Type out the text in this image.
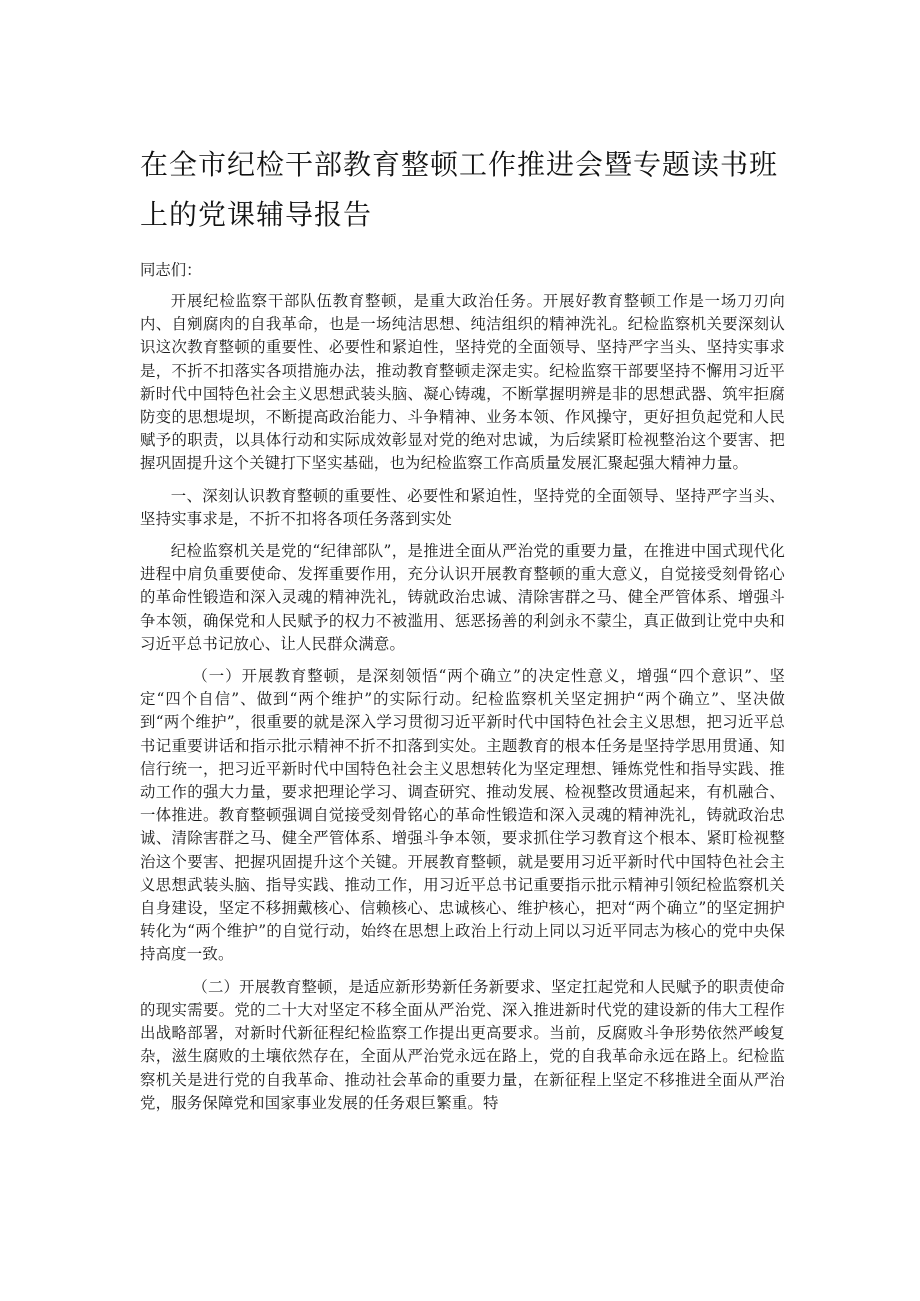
在全市纪检干部教育整顿工作推进会暨专题读书班
上的党课辅导报告

同志们：

开展纪检监察干部队伍教育整顿，是重大政治任务。开展好教育整顿工作是一场刀刃向内、自剜腐肉的自我革命，也是一场纯洁思想、纯洁组织的精神洗礼。纪检监察机关要深刻认识这次教育整顿的重要性、必要性和紧迫性，坚持党的全面领导、坚持严字当头、坚持实事求是，不折不扣落实各项措施办法，推动教育整顿走深走实。纪检监察干部要坚持不懈用习近平新时代中国特色社会主义思想武装头脑、凝心铸魂，不断掌握明辨是非的思想武器、筑牢拒腐防变的思想堤坝，不断提高政治能力、斗争精神、业务本领、作风操守，更好担负起党和人民赋予的职责，以具体行动和实际成效彰显对党的绝对忠诚，为后续紧盯检视整治这个要害、把握巩固提升这个关键打下坚实基础，也为纪检监察工作高质量发展汇聚起强大精神力量。

一、深刻认识教育整顿的重要性、必要性和紧迫性，坚持党的全面领导、坚持严字当头、坚持实事求是，不折不扣将各项任务落到实处

纪检监察机关是党的“纪律部队”，是推进全面从严治党的重要力量，在推进中国式现代化进程中肩负重要使命、发挥重要作用，充分认识开展教育整顿的重大意义，自觉接受刻骨铭心的革命性锻造和深入灵魂的精神洗礼，铸就政治忠诚、清除害群之马、健全严管体系、增强斗争本领，确保党和人民赋予的权力不被滥用、惩恶扬善的利剑永不蒙尘，真正做到让党中央和习近平总书记放心、让人民群众满意。

（一）开展教育整顿，是深刻领悟“两个确立”的决定性意义，增强“四个意识”、坚定“四个自信”、做到“两个维护”的实际行动。纪检监察机关坚定拥护“两个确立”、坚决做到“两个维护”，很重要的就是深入学习贯彻习近平新时代中国特色社会主义思想，把习近平总书记重要讲话和指示批示精神不折不扣落到实处。主题教育的根本任务是坚持学思用贯通、知信行统一，把习近平新时代中国特色社会主义思想转化为坚定理想、锤炼党性和指导实践、推动工作的强大力量，要求把理论学习、调查研究、推动发展、检视整改贯通起来，有机融合、一体推进。教育整顿强调自觉接受刻骨铭心的革命性锻造和深入灵魂的精神洗礼，铸就政治忠诚、清除害群之马、健全严管体系、增强斗争本领，要求抓住学习教育这个根本、紧盯检视整治这个要害、把握巩固提升这个关键。开展教育整顿，就是要用习近平新时代中国特色社会主义思想武装头脑、指导实践、推动工作，用习近平总书记重要指示批示精神引领纪检监察机关自身建设，坚定不移拥戴核心、信赖核心、忠诚核心、维护核心，把对“两个确立”的坚定拥护转化为“两个维护”的自觉行动，始终在思想上政治上行动上同以习近平同志为核心的党中央保持高度一致。

（二）开展教育整顿，是适应新形势新任务新要求、坚定扛起党和人民赋予的职责使命的现实需要。党的二十大对坚定不移全面从严治党、深入推进新时代党的建设新的伟大工程作出战略部署，对新时代新征程纪检监察工作提出更高要求。当前，反腐败斗争形势依然严峻复杂，滋生腐败的土壤依然存在，全面从严治党永远在路上，党的自我革命永远在路上。纪检监察机关是进行党的自我革命、推动社会革命的重要力量，在新征程上坚定不移推进全面从严治党，服务保障党和国家事业发展的任务艰巨繁重。特
